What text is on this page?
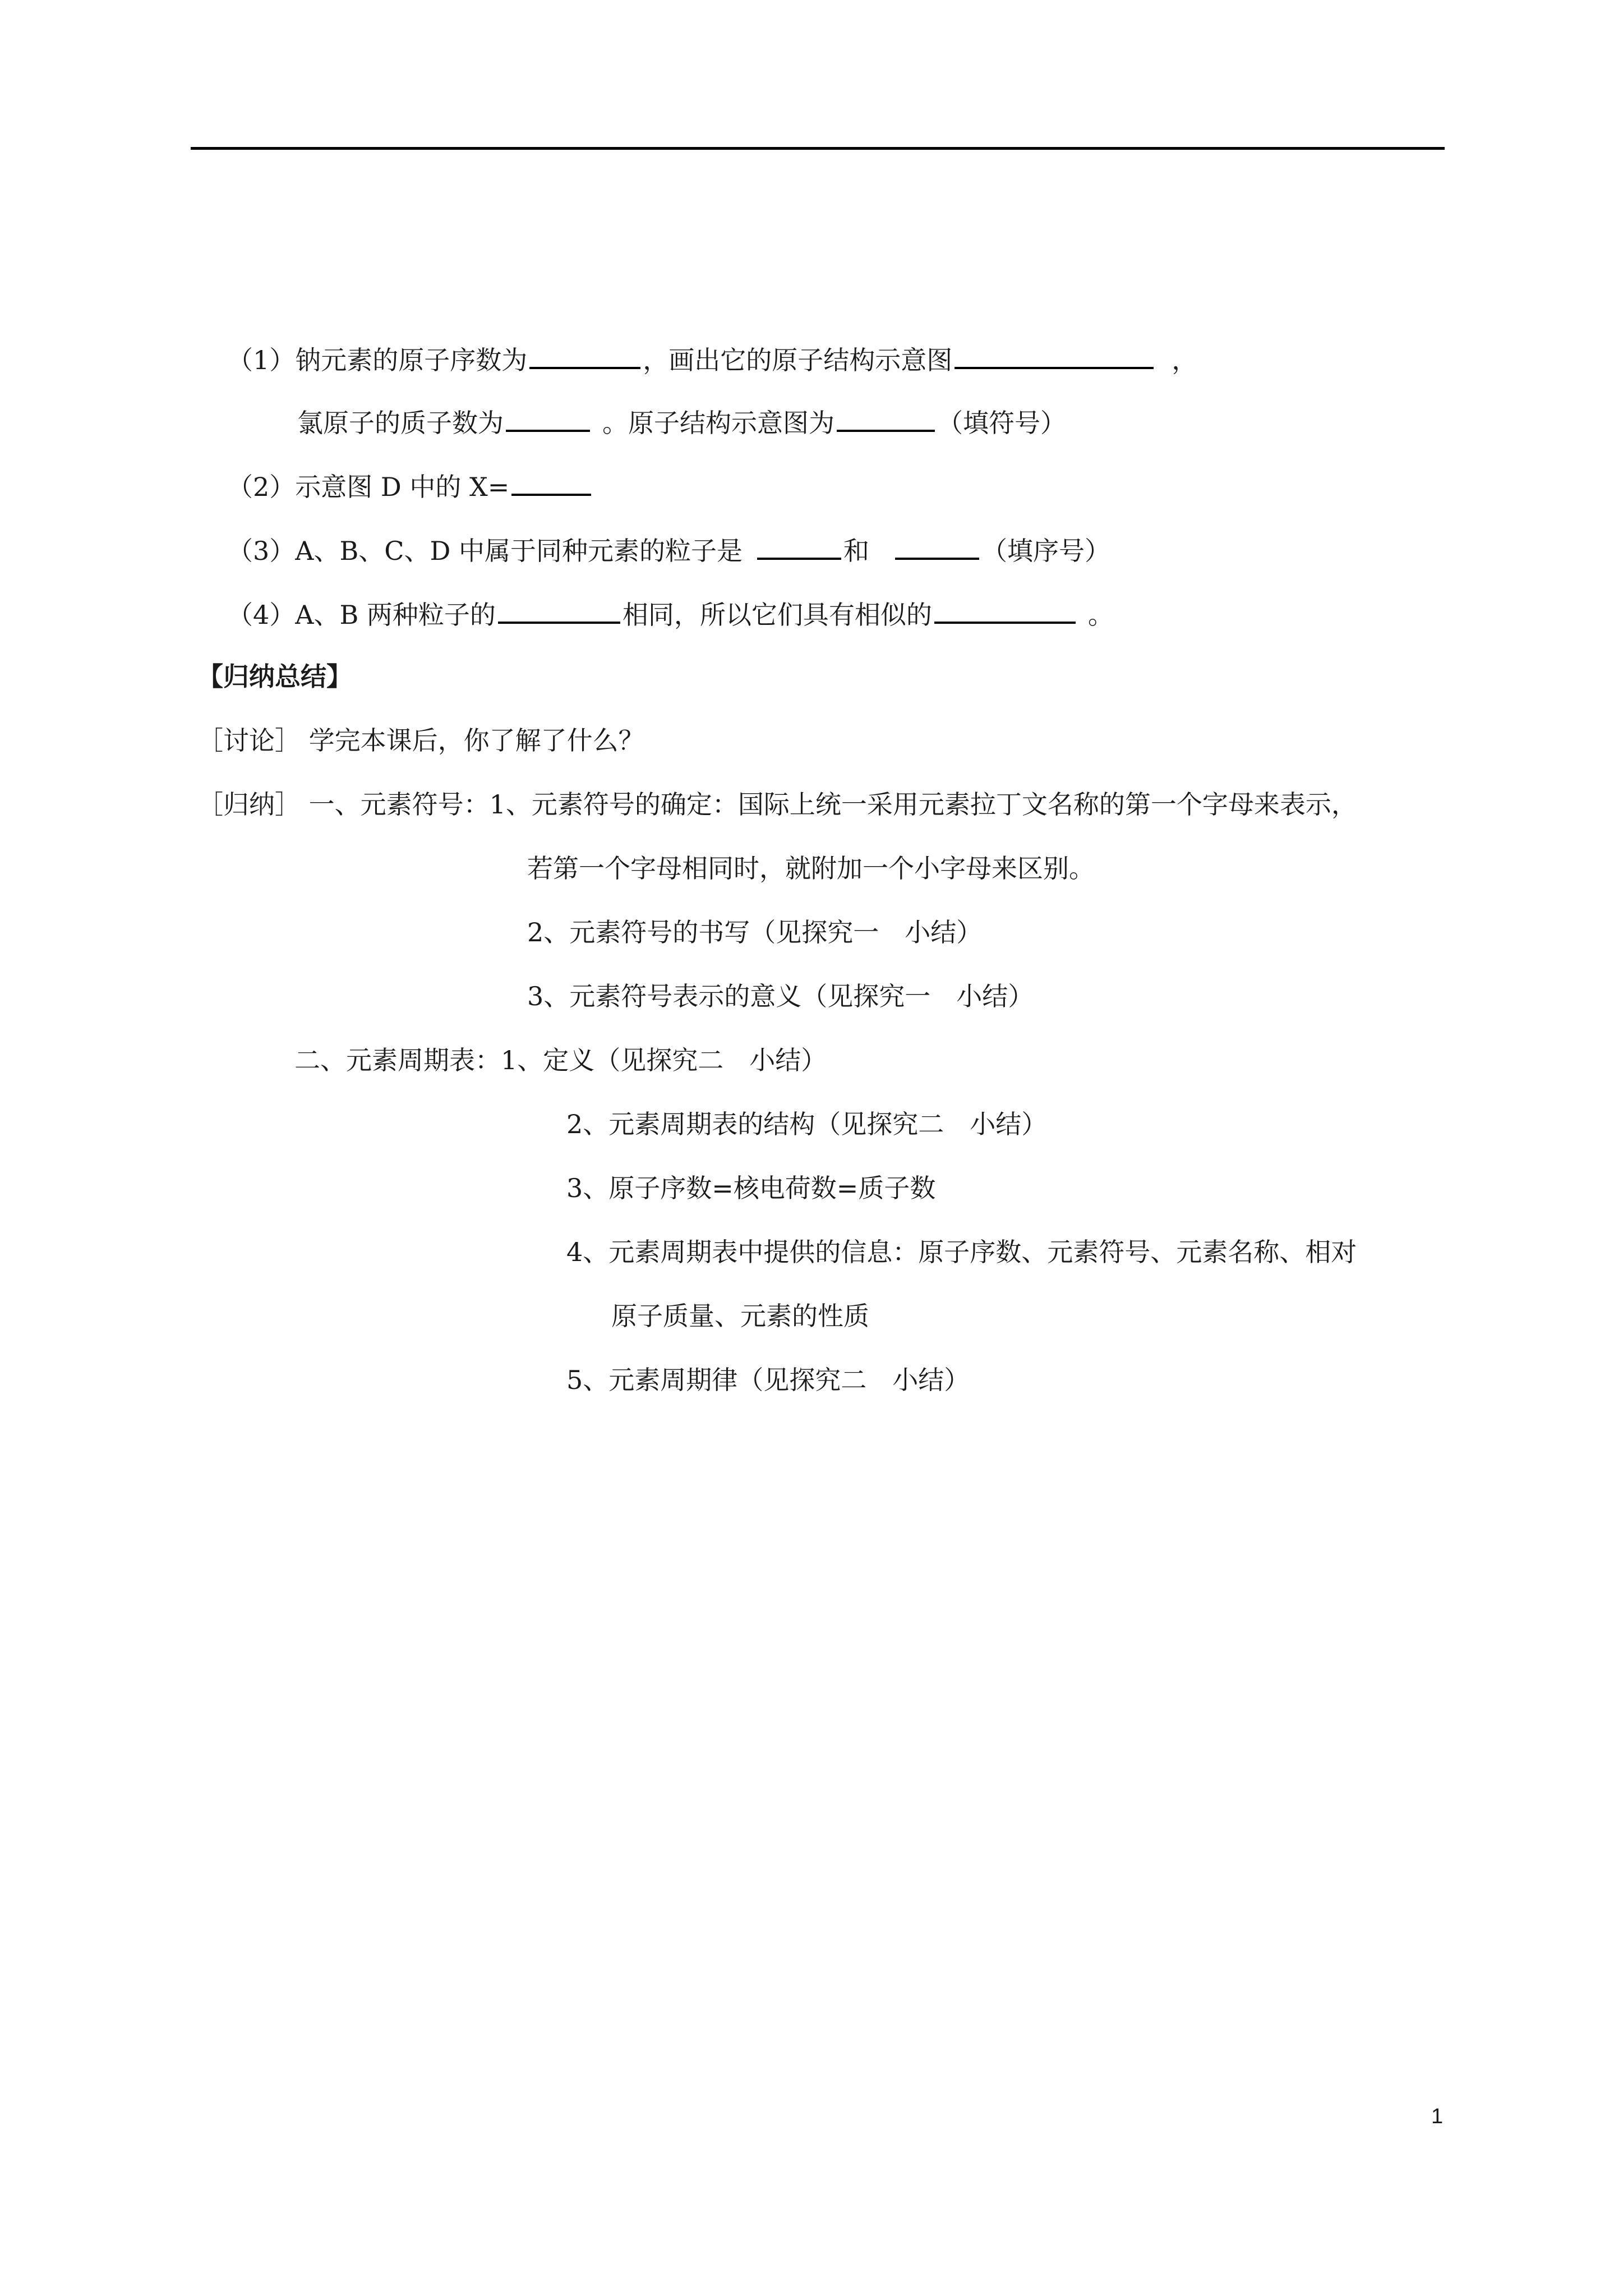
（1）钠元素的原子序数为	，画出它的原子结构示意图	，
氯原子的质子数为	。原子结构示意图为	（填符号）
（2）示意图 D 中的 X=
（3）A、B、C、D 中属于同种元素的粒子是	和	（填序号）
（4）A、B 两种粒子的	相同，所以它们具有相似的	。
【归纳总结】
［讨论］ 学完本课后，你了解了什么？
［归纳］ 一、元素符号：1、元素符号的确定：国际上统一采用元素拉丁文名称的第一个字母来表示，
若第一个字母相同时，就附加一个小字母来区别。
2、元素符号的书写（见探究一　小结）
3、元素符号表示的意义（见探究一　小结）
二、元素周期表：1、定义（见探究二　小结）
2、元素周期表的结构（见探究二　小结）
3、原子序数=核电荷数=质子数
4、元素周期表中提供的信息：原子序数、元素符号、元素名称、相对
原子质量、元素的性质
5、元素周期律（见探究二　小结）
1
